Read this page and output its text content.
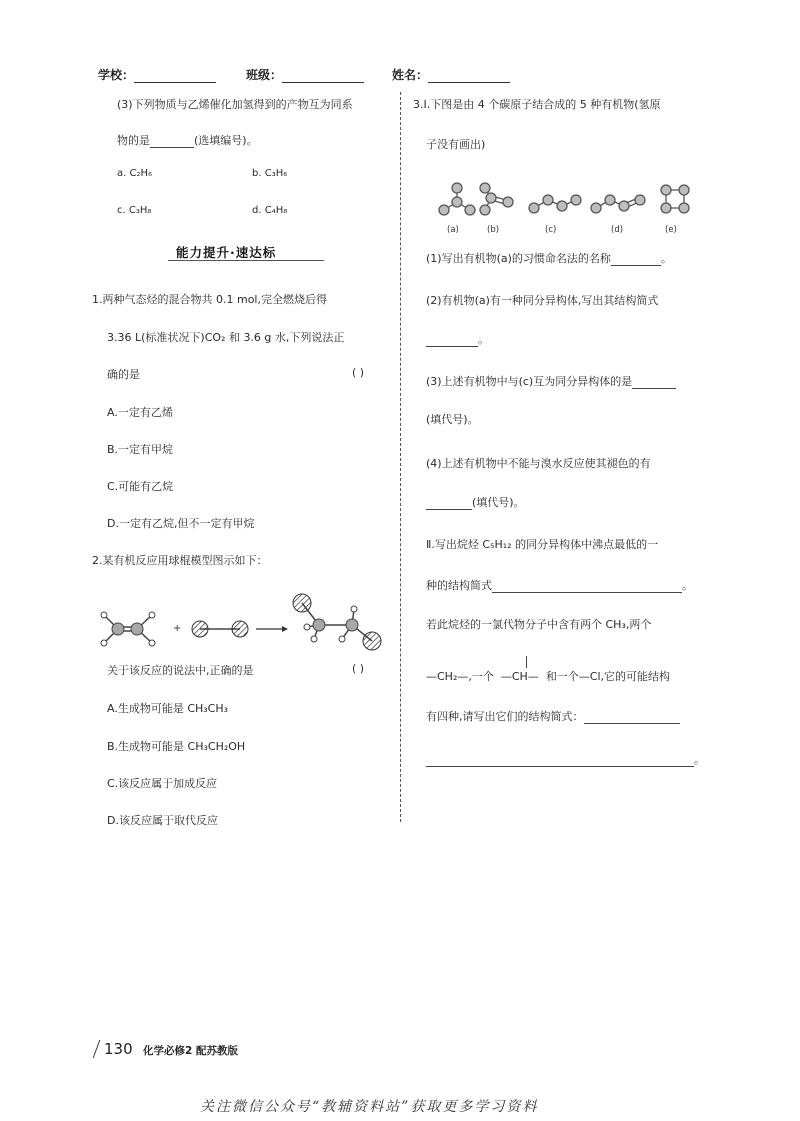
学校：	班级：	姓名：
(3)下列物质与乙烯催化加氢得到的产物互为同系
物的是	(选填编号)。
a. C₂H₆	b. C₃H₆
c. C₃H₈	d. C₄H₈
能力提升·速达标
1.两种气态烃的混合物共 0.1 mol,完全燃烧后得
3.36 L(标准状况下)CO₂ 和 3.6 g 水,下列说法正
确的是	( )
A.一定有乙烯
B.一定有甲烷
C.可能有乙烷
D.一定有乙烷,但不一定有甲烷
2.某有机反应用球棍模型图示如下：
+
关于该反应的说法中,正确的是	( )
A.生成物可能是 CH₃CH₃
B.生成物可能是 CH₃CH₂OH
C.该反应属于加成反应
D.该反应属于取代反应
3.Ⅰ.下图是由 4 个碳原子结合成的 5 种有机物(氢原
子没有画出)
(a)	(b)	(c)	(d)	(e)
(1)写出有机物(a)的习惯命名法的名称	。
(2)有机物(a)有一种同分异构体,写出其结构简式
。
(3)上述有机物中与(c)互为同分异构体的是
(填代号)。
(4)上述有机物中不能与溴水反应使其褪色的有
(填代号)。
Ⅱ.写出烷烃 C₅H₁₂ 的同分异构体中沸点最低的一
种的结构简式	。
若此烷烃的一氯代物分子中含有两个 CH₃,两个
—CH₂—,一个 —CH— 和一个—Cl,它的可能结构
有四种,请写出它们的结构简式：
。
130 化学必修2 配苏教版
关注微信公众号“教辅资料站”获取更多学习资料
